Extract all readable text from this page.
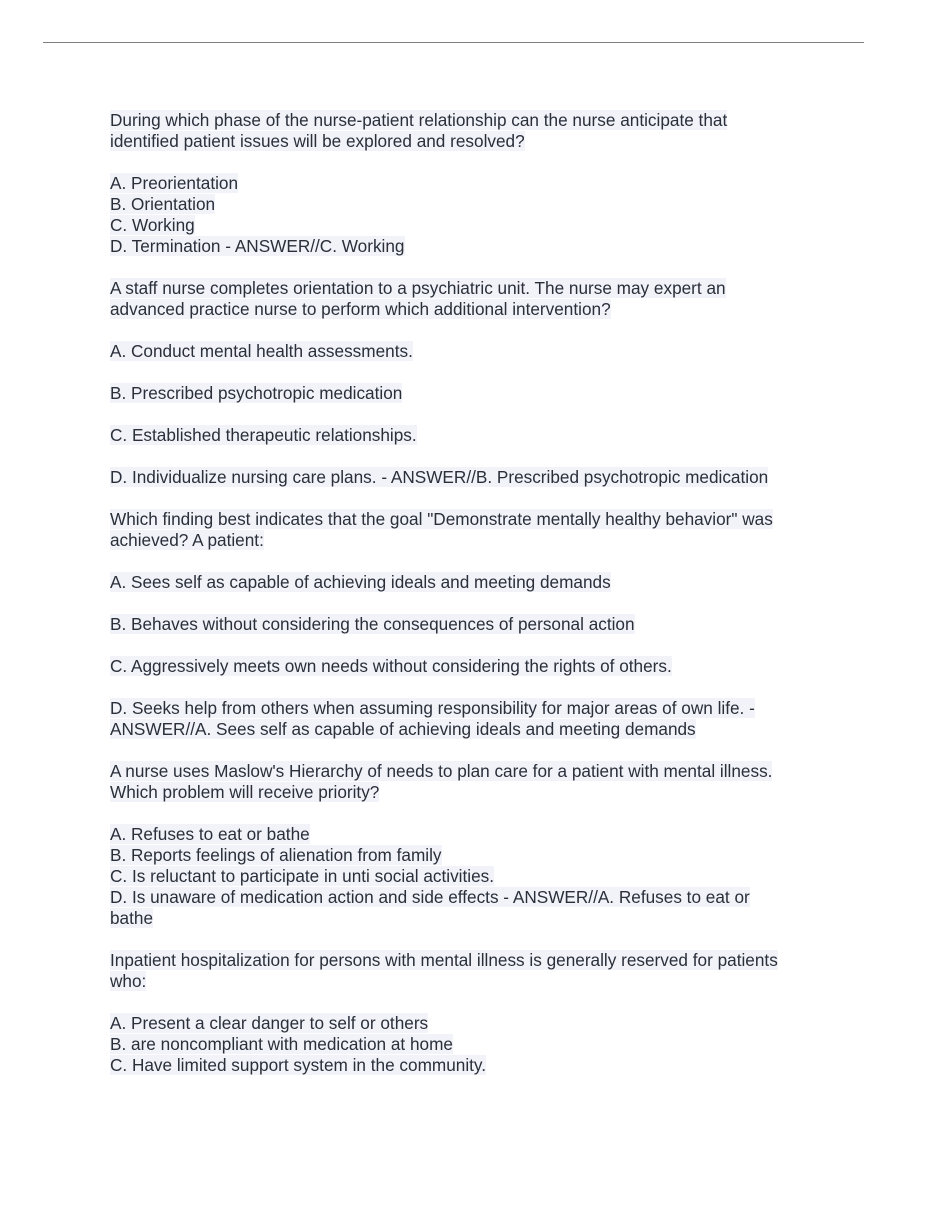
During which phase of the nurse-patient relationship can the nurse anticipate that
identified patient issues will be explored and resolved?
A. Preorientation
B. Orientation
C. Working
D. Termination - ANSWER//C. Working
A staff nurse completes orientation to a psychiatric unit. The nurse may expert an
advanced practice nurse to perform which additional intervention?
A. Conduct mental health assessments.
B. Prescribed psychotropic medication
C. Established therapeutic relationships.
D. Individualize nursing care plans. - ANSWER//B. Prescribed psychotropic medication
Which finding best indicates that the goal "Demonstrate mentally healthy behavior" was
achieved? A patient:
A. Sees self as capable of achieving ideals and meeting demands
B. Behaves without considering the consequences of personal action
C. Aggressively meets own needs without considering the rights of others.
D. Seeks help from others when assuming responsibility for major areas of own life. -
ANSWER//A. Sees self as capable of achieving ideals and meeting demands
A nurse uses Maslow's Hierarchy of needs to plan care for a patient with mental illness.
Which problem will receive priority?
A. Refuses to eat or bathe
B. Reports feelings of alienation from family
C. Is reluctant to participate in unti social activities.
D. Is unaware of medication action and side effects - ANSWER//A. Refuses to eat or
bathe
Inpatient hospitalization for persons with mental illness is generally reserved for patients
who:
A. Present a clear danger to self or others
B. are noncompliant with medication at home
C. Have limited support system in the community.
